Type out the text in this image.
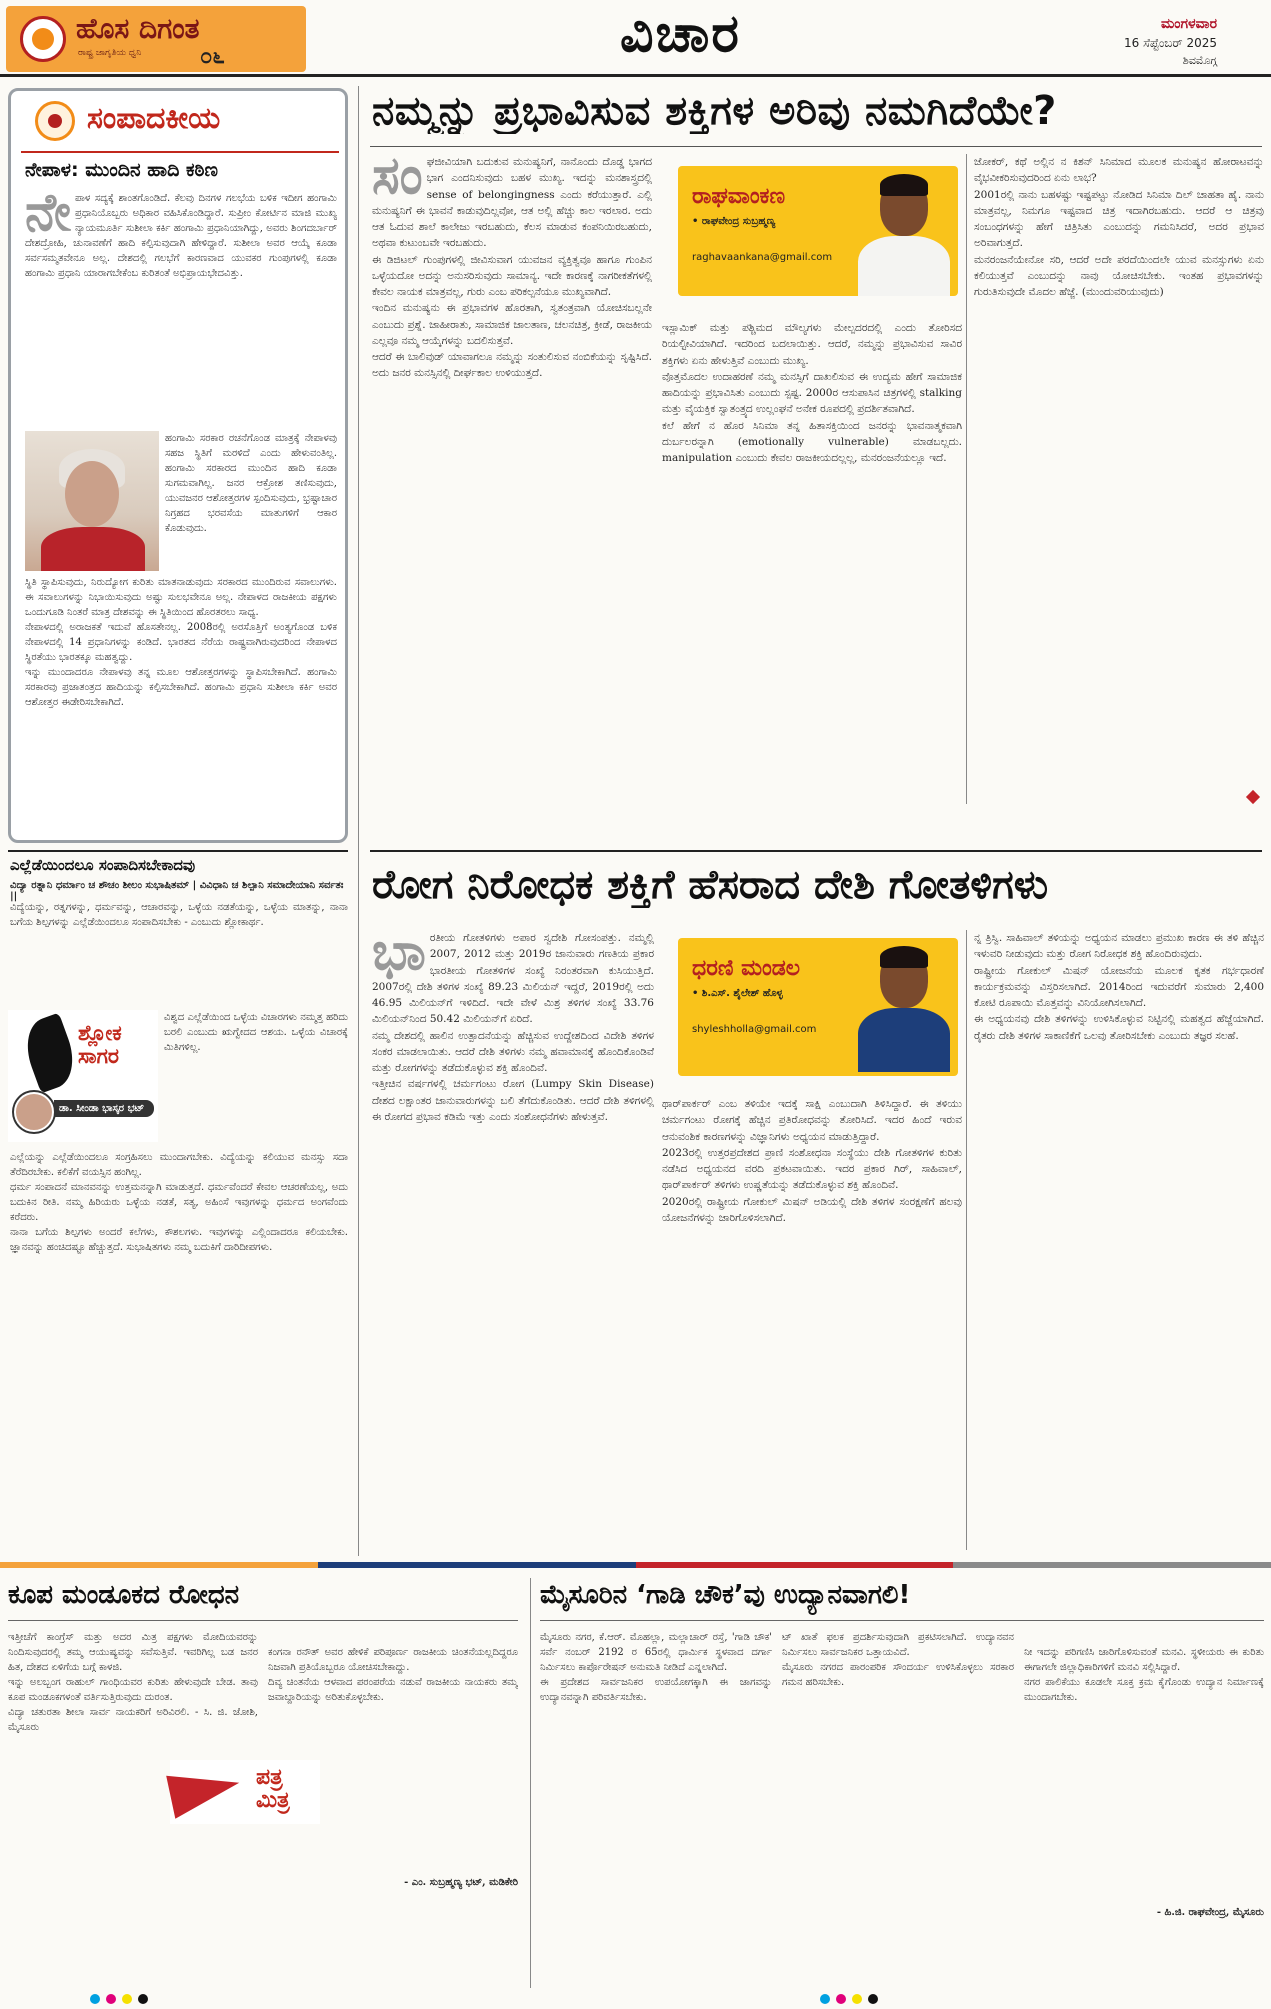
ಹೊಸ ದಿಗಂತ
ರಾಷ್ಟ್ರ ಜಾಗೃತಿಯ ಧ್ವನಿ	೦೬	ವಿಚಾರ	ಮಂಗಳವಾರ
16 ಸೆಪ್ಟೆಂಬರ್ 2025
ಶಿವಮೊಗ್ಗ
ಸಂಪಾದಕೀಯ
ನೇಪಾಳ: ಮುಂದಿನ ಹಾದಿ ಕಠಿಣ
ನೇಪಾಳ ಸದ್ಯಕ್ಕೆ ಶಾಂತಗೊಂಡಿದೆ. ಕೆಲವು ದಿನಗಳ ಗಲಭೆಯ ಬಳಿಕ ಇದೀಗ ಹಂಗಾಮಿ ಪ್ರಧಾನಿಯೊಬ್ಬರು ಅಧಿಕಾರ ವಹಿಸಿಕೊಂಡಿದ್ದಾರೆ. ಸುಪ್ರೀಂ ಕೋರ್ಟಿನ ಮಾಜಿ ಮುಖ್ಯ ನ್ಯಾಯಮೂರ್ತಿ ಸುಶೀಲಾ ಕರ್ಕಿ ಹಂಗಾಮಿ ಪ್ರಧಾನಿಯಾಗಿದ್ದು, ಅವರು ಶಿಂಗದರ್ಬಾರ್ ದೇಶದ್ರೋಹಿ, ಚುನಾವಣೆಗೆ ಹಾದಿ ಕಲ್ಪಿಸುವುದಾಗಿ ಹೇಳಿದ್ದಾರೆ. ಸುಶೀಲಾ ಅವರ ಆಯ್ಕೆ ಕೂಡಾ ಸರ್ವಸಮ್ಮತವೇನೂ ಅಲ್ಲ. ದೇಶದಲ್ಲಿ ಗಲಭೆಗೆ ಕಾರಣವಾದ ಯುವಕರ ಗುಂಪುಗಳಲ್ಲಿ ಕೂಡಾ ಹಂಗಾಮಿ ಪ್ರಧಾನಿ ಯಾರಾಗಬೇಕೆಂಬ ಕುರಿತಂತೆ ಅಭಿಪ್ರಾಯಭೇದವಿತ್ತು.
ಹಂಗಾಮಿ ಸರಕಾರ ರಚನೆಗೊಂಡ ಮಾತ್ರಕ್ಕೆ ನೇಪಾಳವು ಸಹಜ ಸ್ಥಿತಿಗೆ ಮರಳಿದೆ ಎಂದು ಹೇಳುವಂತಿಲ್ಲ. ಹಂಗಾಮಿ ಸರಕಾರದ ಮುಂದಿನ ಹಾದಿ ಕೂಡಾ ಸುಗಮವಾಗಿಲ್ಲ. ಜನರ ಆಕ್ರೋಶ ತಣಿಸುವುದು, ಯುವಜನರ ಆಶೋತ್ತರಗಳ ಸ್ಪಂದಿಸುವುದು, ಭ್ರಷ್ಟಾಚಾರ ನಿಗ್ರಹದ ಭರವಸೆಯ ಮಾತುಗಳಿಗೆ ಆಕಾರ ಕೊಡುವುದು.
ಸ್ಥಿತಿ ಸ್ಥಾಪಿಸುವುದು, ನಿರುದ್ಯೋಗ ಕುರಿತು ಮಾತನಾಡುವುದು ಸರಕಾರದ ಮುಂದಿರುವ ಸವಾಲುಗಳು. ಈ ಸವಾಲುಗಳನ್ನು ನಿಭಾಯಿಸುವುದು ಅಷ್ಟು ಸುಲಭವೇನೂ ಅಲ್ಲ. ನೇಪಾಳದ ರಾಜಕೀಯ ಪಕ್ಷಗಳು ಒಂದುಗೂಡಿ ನಿಂತರೆ ಮಾತ್ರ ದೇಶವನ್ನು ಈ ಸ್ಥಿತಿಯಿಂದ ಹೊರತರಲು ಸಾಧ್ಯ.
ನೇಪಾಳದಲ್ಲಿ ಅರಾಜಕತೆ ಇದುವೆ ಹೊಸತೇನಲ್ಲ. 2008ರಲ್ಲಿ ಅರಸೊತ್ತಿಗೆ ಅಂತ್ಯಗೊಂಡ ಬಳಿಕ ನೇಪಾಳದಲ್ಲಿ 14 ಪ್ರಧಾನಿಗಳನ್ನು ಕಂಡಿದೆ. ಭಾರತದ ನೆರೆಯ ರಾಷ್ಟ್ರವಾಗಿರುವುದರಿಂದ ನೇಪಾಳದ ಸ್ಥಿರತೆಯು ಭಾರತಕ್ಕೂ ಮಹತ್ವದ್ದು.
ಇನ್ನು ಮುಂದಾದರೂ ನೇಪಾಳವು ತನ್ನ ಮೂಲ ಆಶೋತ್ತರಗಳನ್ನು ಸ್ಥಾಪಿಸಬೇಕಾಗಿದೆ. ಹಂಗಾಮಿ ಸರಕಾರವು ಪ್ರಜಾತಂತ್ರದ ಹಾದಿಯನ್ನು ಕಲ್ಪಿಸಬೇಕಾಗಿದೆ. ಹಂಗಾಮಿ ಪ್ರಧಾನಿ ಸುಶೀಲಾ ಕರ್ಕಿ ಅವರ ಆಶೋತ್ತರ ಈಡೇರಿಸಬೇಕಾಗಿದೆ.
ನಮ್ಮನ್ನು ಪ್ರಭಾವಿಸುವ ಶಕ್ತಿಗಳ ಅರಿವು ನಮಗಿದೆಯೇ?
ಸಂಘಜೀವಿಯಾಗಿ ಬದುಕುವ ಮನುಷ್ಯನಿಗೆ, ನಾನೊಂದು ದೊಡ್ಡ ಭಾಗದ ಭಾಗ ಎಂದನಿಸುವುದು ಬಹಳ ಮುಖ್ಯ. ಇದನ್ನು ಮನಶಾಸ್ತ್ರದಲ್ಲಿ sense of belongingness ಎಂದು ಕರೆಯುತ್ತಾರೆ. ಎಲ್ಲಿ ಮನುಷ್ಯನಿಗೆ ಈ ಭಾವನೆ ಕಾಡುವುದಿಲ್ಲವೋ, ಆತ ಅಲ್ಲಿ ಹೆಚ್ಚು ಕಾಲ ಇರಲಾರ. ಅದು ಆತ ಓದುವ ಶಾಲೆ ಕಾಲೇಜು ಇರಬಹುದು, ಕೆಲಸ ಮಾಡುವ ಕಂಪನಿಯಿರಬಹುದು, ಅಥವಾ ಕುಟುಂಬವೇ ಇರಬಹುದು.
ಈ ಡಿಜಿಟಲ್ ಗುಂಪುಗಳಲ್ಲಿ ಜೀವಿಸುವಾಗ ಯುವಜನ ವ್ಯಕ್ತಿತ್ವವೂ ಹಾಗೂ ಗುಂಪಿನ ಒಳ್ಳೆಯದೋ ಅದನ್ನು ಅನುಸರಿಸುವುದು ಸಾಮಾನ್ಯ. ಇದೇ ಕಾರಣಕ್ಕೆ ನಾಗರೀಕತೆಗಳಲ್ಲಿ ಕೇವಲ ನಾಯಕ ಮಾತ್ರವಲ್ಲ, ಗುರು ಎಂಬ ಪರಿಕಲ್ಪನೆಯೂ ಮುಖ್ಯವಾಗಿದೆ.
ಇಂದಿನ ಮನುಷ್ಯನು ಈ ಪ್ರಭಾವಗಳ ಹೊರತಾಗಿ, ಸ್ವತಂತ್ರವಾಗಿ ಯೋಚಿಸಬಲ್ಲನೇ ಎಂಬುದು ಪ್ರಶ್ನೆ. ಜಾಹೀರಾತು, ಸಾಮಾಜಿಕ ಜಾಲತಾಣ, ಚಲನಚಿತ್ರ, ಕ್ರೀಡೆ, ರಾಜಕೀಯ ಎಲ್ಲವೂ ನಮ್ಮ ಆಯ್ಕೆಗಳನ್ನು ಬದಲಿಸುತ್ತವೆ.
ಆದರೆ ಈ ಬಾಲಿವುಡ್ ಯಾವಾಗಲೂ ನಮ್ಮನ್ನು ಸಂತುಲಿಸುವ ನಂಬಿಕೆಯನ್ನು ಸೃಷ್ಟಿಸಿದೆ. ಅದು ಜನರ ಮನಸ್ಸಿನಲ್ಲಿ ದೀರ್ಘಕಾಲ ಉಳಿಯುತ್ತದೆ.
ರಾಘವಾಂಕಣ
• ರಾಘವೇಂದ್ರ ಸುಬ್ರಹ್ಮಣ್ಯ
raghavaankana@gmail.com
ಇಸ್ಲಾಮಿಕ್ ಮತ್ತು ಪಶ್ಚಿಮದ ಮೌಲ್ಯಗಳು ಮೇಲ್ಪದರದಲ್ಲಿ ಎಂದು ತೋರಿಸದ ರಿಯಲ್ಟೀವಿಯಾಗಿದೆ. ಇದರಿಂದ ಬದಲಾಯಿತ್ತು. ಆದರೆ, ನಮ್ಮನ್ನು ಪ್ರಭಾವಿಸುವ ಸಾವಿರ ಶಕ್ತಿಗಳು ಏನು ಹೇಳುತ್ತಿವೆ ಎಂಬುದು ಮುಖ್ಯ.
ವೊತ್ತಮೊದಲ ಉದಾಹರಣೆ ನಮ್ಮ ಮನಸ್ಸಿಗೆ ದಾಖಲಿಸುವ ಈ ಉದ್ಯಮ ಹೇಗೆ ಸಾಮಾಜಿಕ ಹಾದಿಯನ್ನು ಪ್ರಭಾವಿಸಿತು ಎಂಬುದು ಸ್ಪಷ್ಟ. 2000ರ ಆಸುಪಾಸಿನ ಚಿತ್ರಗಳಲ್ಲಿ stalking ಮತ್ತು ವೈಯಕ್ತಿಕ ಸ್ವಾತಂತ್ರ್ಯದ ಉಲ್ಲಂಘನೆ ಅನೇಕ ರೂಪದಲ್ಲಿ ಪ್ರದರ್ಶಿತವಾಗಿದೆ.
ಕಲೆ ಹೇಗೆ ನ ಹೊರ ಸಿನಿಮಾ ತನ್ನ ಹಿತಾಸಕ್ತಿಯಿಂದ ಜನರನ್ನು ಭಾವನಾತ್ಮಕವಾಗಿ ದುರ್ಬಲರನ್ನಾಗಿ (emotionally vulnerable) ಮಾಡಬಲ್ಲದು. manipulation ಎಂಬುದು ಕೇವಲ ರಾಜಕೀಯದಲ್ಲಲ್ಲ, ಮನರಂಜನೆಯಲ್ಲೂ ಇದೆ.
ಜೋಕರ್, ಕಥೆ ಅಲ್ಲಿನ ನ ಕಿಶನ್ ಸಿನಿಮಾದ ಮೂಲಕ ಮನುಷ್ಯನ ಹೋರಾಟವನ್ನು ವೈಭವೀಕರಿಸುವುದರಿಂದ ಏನು ಲಾಭ?
2001ರಲ್ಲಿ ನಾನು ಬಹಳಷ್ಟು ಇಷ್ಟಪಟ್ಟು ನೋಡಿದ ಸಿನಿಮಾ ದಿಲ್ ಚಾಹತಾ ಹೈ. ನಾನು ಮಾತ್ರವಲ್ಲ, ನಿಮಗೂ ಇಷ್ಟವಾದ ಚಿತ್ರ ಇದಾಗಿರಬಹುದು. ಆದರೆ ಆ ಚಿತ್ರವು ಸಂಬಂಧಗಳನ್ನು ಹೇಗೆ ಚಿತ್ರಿಸಿತು ಎಂಬುದನ್ನು ಗಮನಿಸಿದರೆ, ಅದರ ಪ್ರಭಾವ ಅರಿವಾಗುತ್ತದೆ.
ಮನರಂಜನೆಯೇನೋ ಸರಿ, ಆದರೆ ಅದೇ ಪರದೆಯಿಂದಲೇ ಯುವ ಮನಸ್ಸುಗಳು ಏನು ಕಲಿಯುತ್ತವೆ ಎಂಬುದನ್ನು ನಾವು ಯೋಚಿಸಬೇಕು. ಇಂತಹ ಪ್ರಭಾವಗಳನ್ನು ಗುರುತಿಸುವುದೇ ಮೊದಲ ಹೆಜ್ಜೆ. (ಮುಂದುವರಿಯುವುದು)
ಎಲ್ಲೆಡೆಯಿಂದಲೂ ಸಂಪಾದಿಸಬೇಕಾದವು
ವಿದ್ಯಾ ರತ್ನಾನಿ ಧರ್ಮಾಂ ಚ ಶೌಚಂ ಶೀಲಂ ಸುಭಾಷಿತಮ್ | ವಿವಿಧಾನಿ ಚ ಶಿಲ್ಪಾನಿ ಸಮಾದೇಯಾನಿ ಸರ್ವತಃ ||
ವಿದ್ಯೆಯನ್ನು, ರತ್ನಗಳನ್ನು, ಧರ್ಮವನ್ನು, ಆಚಾರವನ್ನು, ಒಳ್ಳೆಯ ನಡತೆಯನ್ನು, ಒಳ್ಳೆಯ ಮಾತನ್ನು, ನಾನಾ ಬಗೆಯ ಶಿಲ್ಪಗಳನ್ನು ಎಲ್ಲೆಡೆಯಿಂದಲೂ ಸಂಪಾದಿಸಬೇಕು - ಎಂಬುದು ಶ್ಲೋಕಾರ್ಥ.
ಶ್ಲೋಕ ಸಾಗರ
ಡಾ. ಸೀಂಡಾ ಭಾಸ್ಕರ ಭಟ್
ವಿಶ್ವದ ಎಲ್ಲೆಡೆಯಿಂದ ಒಳ್ಳೆಯ ವಿಚಾರಗಳು ನಮ್ಮತ್ತ ಹರಿದು ಬರಲಿ ಎಂಬುದು ಋಗ್ವೇದದ ಆಶಯ. ಒಳ್ಳೆಯ ವಿಚಾರಕ್ಕೆ ಮಿತಿಗಳಿಲ್ಲ.
ಎಲ್ಲೆಯನ್ನು ಎಲ್ಲೆಡೆಯಿಂದಲೂ ಸಂಗ್ರಹಿಸಲು ಮುಂದಾಗಬೇಕು. ವಿದ್ಯೆಯನ್ನು ಕಲಿಯುವ ಮನಸ್ಸು ಸದಾ ತೆರೆದಿರಬೇಕು. ಕಲಿಕೆಗೆ ವಯಸ್ಸಿನ ಹಂಗಿಲ್ಲ.
ಧರ್ಮ ಸಂಪಾದನೆ ಮಾನವನನ್ನು ಉತ್ತಮನನ್ನಾಗಿ ಮಾಡುತ್ತದೆ. ಧರ್ಮವೆಂದರೆ ಕೇವಲ ಆಚರಣೆಯಲ್ಲ, ಅದು ಬದುಕಿನ ರೀತಿ. ನಮ್ಮ ಹಿರಿಯರು ಒಳ್ಳೆಯ ನಡತೆ, ಸತ್ಯ, ಅಹಿಂಸೆ ಇವುಗಳನ್ನು ಧರ್ಮದ ಅಂಗವೆಂದು ಕರೆದರು.
ನಾನಾ ಬಗೆಯ ಶಿಲ್ಪಗಳು ಅಂದರೆ ಕಲೆಗಳು, ಕೌಶಲಗಳು. ಇವುಗಳನ್ನು ಎಲ್ಲಿಂದಾದರೂ ಕಲಿಯಬೇಕು. ಜ್ಞಾನವನ್ನು ಹಂಚಿದಷ್ಟೂ ಹೆಚ್ಚುತ್ತದೆ. ಸುಭಾಷಿತಗಳು ನಮ್ಮ ಬದುಕಿಗೆ ದಾರಿದೀಪಗಳು.
ರೋಗ ನಿರೋಧಕ ಶಕ್ತಿಗೆ ಹೆಸರಾದ ದೇಶಿ ಗೋತಳಿಗಳು
ಭಾರತೀಯ ಗೋತಳಿಗಳು ಅಪಾರ ಸ್ವದೇಶಿ ಗೋಸಂಪತ್ತು. ನಮ್ಮಲ್ಲಿ 2007, 2012 ಮತ್ತು 2019ರ ಜಾನುವಾರು ಗಣತಿಯ ಪ್ರಕಾರ ಭಾರತೀಯ ಗೋತಳಿಗಳ ಸಂಖ್ಯೆ ನಿರಂತರವಾಗಿ ಕುಸಿಯುತ್ತಿದೆ. 2007ರಲ್ಲಿ ದೇಶಿ ತಳಿಗಳ ಸಂಖ್ಯೆ 89.23 ಮಿಲಿಯನ್ ಇದ್ದರೆ, 2019ರಲ್ಲಿ ಅದು 46.95 ಮಿಲಿಯನ್‌ಗೆ ಇಳಿದಿದೆ. ಇದೇ ವೇಳೆ ಮಿಶ್ರ ತಳಿಗಳ ಸಂಖ್ಯೆ 33.76 ಮಿಲಿಯನ್‌ನಿಂದ 50.42 ಮಿಲಿಯನ್‌ಗೆ ಏರಿದೆ.
ನಮ್ಮ ದೇಶದಲ್ಲಿ ಹಾಲಿನ ಉತ್ಪಾದನೆಯನ್ನು ಹೆಚ್ಚಿಸುವ ಉದ್ದೇಶದಿಂದ ವಿದೇಶಿ ತಳಿಗಳ ಸಂಕರ ಮಾಡಲಾಯಿತು. ಆದರೆ ದೇಶಿ ತಳಿಗಳು ನಮ್ಮ ಹವಾಮಾನಕ್ಕೆ ಹೊಂದಿಕೊಂಡಿವೆ ಮತ್ತು ರೋಗಗಳನ್ನು ತಡೆದುಕೊಳ್ಳುವ ಶಕ್ತಿ ಹೊಂದಿವೆ.
ಇತ್ತೀಚಿನ ವರ್ಷಗಳಲ್ಲಿ ಚರ್ಮಗಂಟು ರೋಗ (Lumpy Skin Disease) ದೇಶದ ಲಕ್ಷಾಂತರ ಜಾನುವಾರುಗಳನ್ನು ಬಲಿ ತೆಗೆದುಕೊಂಡಿತು. ಆದರೆ ದೇಶಿ ತಳಿಗಳಲ್ಲಿ ಈ ರೋಗದ ಪ್ರಭಾವ ಕಡಿಮೆ ಇತ್ತು ಎಂದು ಸಂಶೋಧನೆಗಳು ಹೇಳುತ್ತವೆ.
ಧರಣಿ ಮಂಡಲ
• ಶಿ.ಎಸ್. ಶೈಲೇಶ್ ಹೊಳ್ಳ
shyleshholla@gmail.com
ಥಾರ್‌ಪಾರ್ಕರ್ ಎಂಬ ತಳಿಯೇ ಇದಕ್ಕೆ ಸಾಕ್ಷಿ ಎಂಬುದಾಗಿ ತಿಳಿಸಿದ್ದಾರೆ. ಈ ತಳಿಯು ಚರ್ಮಗಂಟು ರೋಗಕ್ಕೆ ಹೆಚ್ಚಿನ ಪ್ರತಿರೋಧವನ್ನು ತೋರಿಸಿದೆ. ಇದರ ಹಿಂದೆ ಇರುವ ಆನುವಂಶಿಕ ಕಾರಣಗಳನ್ನು ವಿಜ್ಞಾನಿಗಳು ಅಧ್ಯಯನ ಮಾಡುತ್ತಿದ್ದಾರೆ.
2023ರಲ್ಲಿ ಉತ್ತರಪ್ರದೇಶದ ಪ್ರಾಣಿ ಸಂಶೋಧನಾ ಸಂಸ್ಥೆಯು ದೇಶಿ ಗೋತಳಿಗಳ ಕುರಿತು ನಡೆಸಿದ ಅಧ್ಯಯನದ ವರದಿ ಪ್ರಕಟವಾಯಿತು. ಇದರ ಪ್ರಕಾರ ಗಿರ್, ಸಾಹಿವಾಲ್, ಥಾರ್‌ಪಾರ್ಕರ್ ತಳಿಗಳು ಉಷ್ಣತೆಯನ್ನು ತಡೆದುಕೊಳ್ಳುವ ಶಕ್ತಿ ಹೊಂದಿವೆ.
2020ರಲ್ಲಿ ರಾಷ್ಟ್ರೀಯ ಗೋಕುಲ್ ಮಿಷನ್ ಅಡಿಯಲ್ಲಿ ದೇಶಿ ತಳಿಗಳ ಸಂರಕ್ಷಣೆಗೆ ಹಲವು ಯೋಜನೆಗಳನ್ನು ಜಾರಿಗೊಳಿಸಲಾಗಿದೆ.
ನ್ನ ತ್ರಿಸ್ವಿ. ಸಾಹಿವಾಲ್ ತಳಿಯನ್ನು ಅಧ್ಯಯನ ಮಾಡಲು ಪ್ರಮುಖ ಕಾರಣ ಈ ತಳಿ ಹೆಚ್ಚಿನ ಇಳುವರಿ ನೀಡುವುದು ಮತ್ತು ರೋಗ ನಿರೋಧಕ ಶಕ್ತಿ ಹೊಂದಿರುವುದು.
ರಾಷ್ಟ್ರೀಯ ಗೋಕುಲ್ ಮಿಷನ್ ಯೋಜನೆಯ ಮೂಲಕ ಕೃತಕ ಗರ್ಭಧಾರಣೆ ಕಾರ್ಯಕ್ರಮವನ್ನು ವಿಸ್ತರಿಸಲಾಗಿದೆ. 2014ರಿಂದ ಇದುವರೆಗೆ ಸುಮಾರು 2,400 ಕೋಟಿ ರೂಪಾಯಿ ಮೊತ್ತವನ್ನು ವಿನಿಯೋಗಿಸಲಾಗಿದೆ.
ಈ ಅಧ್ಯಯನವು ದೇಶಿ ತಳಿಗಳನ್ನು ಉಳಿಸಿಕೊಳ್ಳುವ ನಿಟ್ಟಿನಲ್ಲಿ ಮಹತ್ವದ ಹೆಜ್ಜೆಯಾಗಿದೆ. ರೈತರು ದೇಶಿ ತಳಿಗಳ ಸಾಕಾಣಿಕೆಗೆ ಒಲವು ತೋರಿಸಬೇಕು ಎಂಬುದು ತಜ್ಞರ ಸಲಹೆ.
ಕೂಪ ಮಂಡೂಕದ ರೋಧನ
ಇತ್ತೀಚೆಗೆ ಕಾಂಗ್ರೆಸ್ ಮತ್ತು ಅದರ ಮಿತ್ರ ಪಕ್ಷಗಳು ಮೋದಿಯವರನ್ನು ನಿಂದಿಸುವುದರಲ್ಲಿ ತಮ್ಮ ಆಯುಷ್ಯವನ್ನು ಸವೆಸುತ್ತಿವೆ. ಇವರಿಗಿಲ್ಲ ಬಡ ಜನರ ಹಿತ, ದೇಶದ ಏಳಿಗೆಯ ಬಗ್ಗೆ ಕಾಳಜಿ.
ಇನ್ನು ಅಲಬ್ಬಂಗ ರಾಹುಲ್ ಗಾಂಧಿಯವರ ಕುರಿತು ಹೇಳುವುದೇ ಬೇಡ. ತಾವು ಕೂಪ ಮಂಡೂಕಗಳಂತೆ ವರ್ತಿಸುತ್ತಿರುವುದು ದುರಂತ.
ವಿದ್ಯಾ ಚತುರತಾ ಶೀಲಾ ಸಾರ್ವ ನಾಯಕರಿಗೆ ಅರಿವಿರಲಿ. - ಸಿ. ಜಿ. ಜೋಶಿ, ಮೈಸೂರು

ಕಂಗನಾ ರನೌತ್ ಅವರ ಹೇಳಿಕೆ ಪರಿಪೂರ್ಣ ರಾಜಕೀಯ ಚಿಂತನೆಯಲ್ಲದಿದ್ದರೂ ನಿಜವಾಗಿ ಪ್ರತಿಯೊಬ್ಬರೂ ಯೋಚಿಸಬೇಕಾದ್ದು.
ದಿವ್ಯ ಚಿಂತನೆಯ ಆಳವಾದ ಪರಂಪರೆಯ ನಡುವೆ ರಾಜಕೀಯ ನಾಯಕರು ತಮ್ಮ ಜವಾಬ್ದಾರಿಯನ್ನು ಅರಿತುಕೊಳ್ಳಬೇಕು.

- ಎಂ. ಸುಬ್ರಹ್ಮಣ್ಯ ಭಟ್, ಮಡಿಕೇರಿ

ಪತ್ರ ಮಿತ್ರ
ಮೈಸೂರಿನ ‘ಗಾಡಿ ಚೌಕ’ವು ಉದ್ಯಾನವಾಗಲಿ!
ಮೈಸೂರು ನಗರ, ಕೆ.ಆರ್. ಮೊಹಲ್ಲಾ, ಮಲ್ಲಾಚಾರ್ ರಸ್ತೆ, 'ಗಾಡಿ ಚೌಕ' ಸರ್ವೆ ನಂಬರ್ 2192 ರ 65ರಲ್ಲಿ ಧಾರ್ಮಿಕ ಸ್ಥಳವಾದ ದರ್ಗಾ ನಿರ್ಮಿಸಲು ಕಾರ್ಪೊರೇಷನ್ ಅನುಮತಿ ನೀಡಿದೆ ಎನ್ನಲಾಗಿದೆ.
ಈ ಪ್ರದೇಶದ ಸಾರ್ವಜನಿಕರ ಉಪಯೋಗಕ್ಕಾಗಿ ಈ ಜಾಗವನ್ನು ಉದ್ಯಾನವನ್ನಾಗಿ ಪರಿವರ್ತಿಸಬೇಕು.
ಟ್ ಖಾತೆ ಫಲಕ ಪ್ರದರ್ಶಿಸುವುದಾಗಿ ಪ್ರಕಟಿಸಲಾಗಿದೆ. ಉದ್ಯಾನವನ ನಿರ್ಮಿಸಲು ಸಾರ್ವಜನಿಕರ ಒತ್ತಾಯವಿದೆ.
ಮೈಸೂರು ನಗರದ ಪಾರಂಪರಿಕ ಸೌಂದರ್ಯ ಉಳಿಸಿಕೊಳ್ಳಲು ಸರಕಾರ ಗಮನ ಹರಿಸಬೇಕು.

ನೀ ಇದನ್ನು ಪರಿಗಣಿಸಿ ಜಾರಿಗೊಳಿಸುವಂತೆ ಮನವಿ. ಸ್ಥಳೀಯರು ಈ ಕುರಿತು ಈಗಾಗಲೇ ಜಿಲ್ಲಾಧಿಕಾರಿಗಳಿಗೆ ಮನವಿ ಸಲ್ಲಿಸಿದ್ದಾರೆ.
ನಗರ ಪಾಲಿಕೆಯು ಕೂಡಲೇ ಸೂಕ್ತ ಕ್ರಮ ಕೈಗೊಂಡು ಉದ್ಯಾನ ನಿರ್ಮಾಣಕ್ಕೆ ಮುಂದಾಗಬೇಕು.

- ಹಿ.ಜಿ. ರಾಘವೇಂದ್ರ, ಮೈಸೂರು
